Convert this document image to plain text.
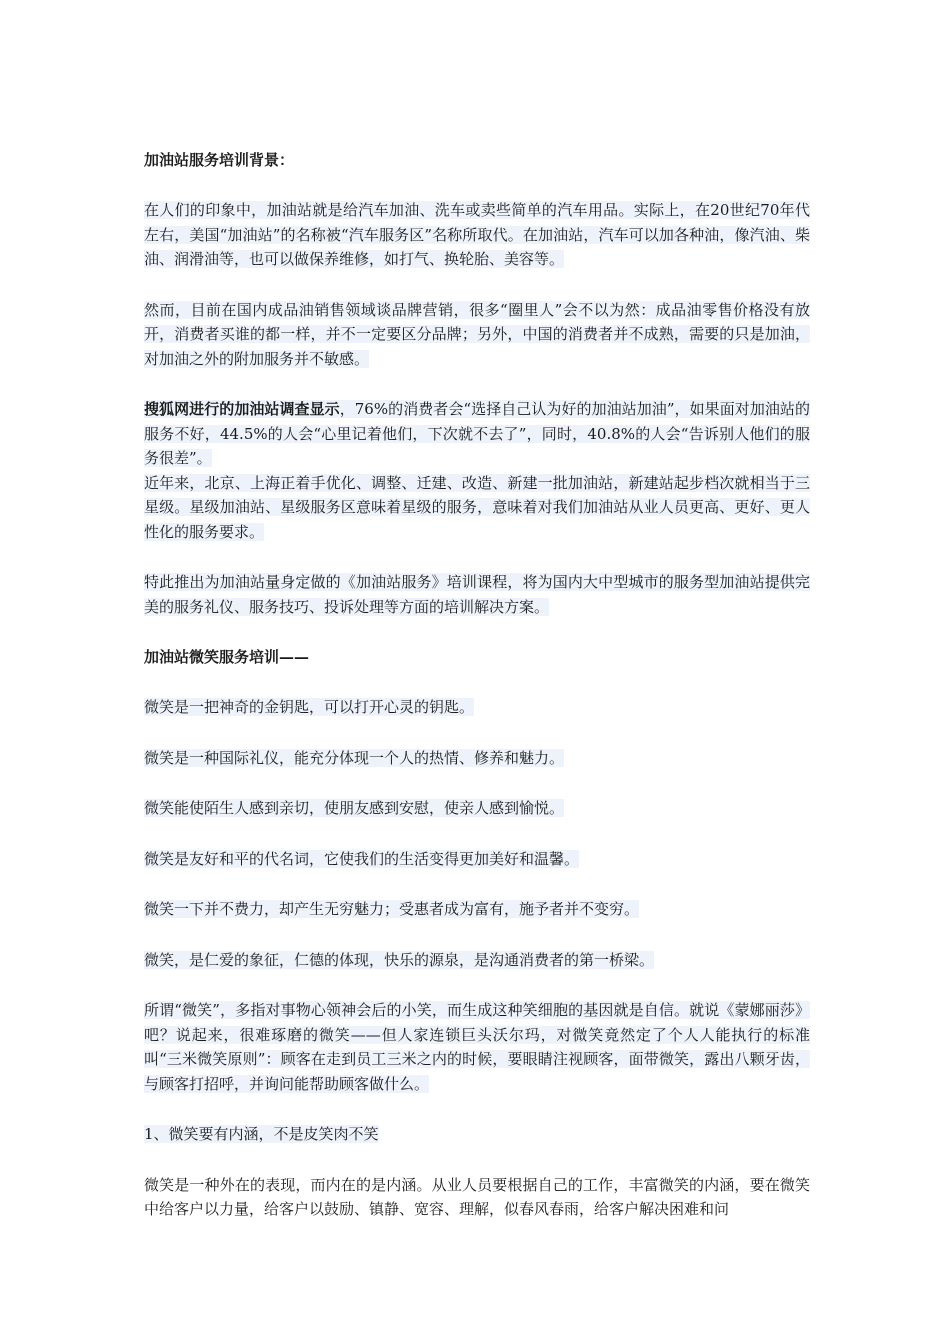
加油站服务培训背景：
在人们的印象中，加油站就是给汽车加油、洗车或卖些简单的汽车用品。实际上，在20世纪70年代左右，美国“加油站”的名称被“汽车服务区”名称所取代。在加油站，汽车可以加各种油，像汽油、柴油、润滑油等，也可以做保养维修，如打气、换轮胎、美容等。
然而，目前在国内成品油销售领域谈品牌营销，很多“圈里人”会不以为然：成品油零售价格没有放开，消费者买谁的都一样，并不一定要区分品牌；另外，中国的消费者并不成熟，需要的只是加油，对加油之外的附加服务并不敏感。
搜狐网进行的加油站调查显示，76%的消费者会“选择自己认为好的加油站加油”，如果面对加油站的服务不好，44.5%的人会“心里记着他们，下次就不去了”，同时，40.8%的人会“告诉别人他们的服务很差”。
近年来，北京、上海正着手优化、调整、迁建、改造、新建一批加油站，新建站起步档次就相当于三星级。星级加油站、星级服务区意味着星级的服务，意味着对我们加油站从业人员更高、更好、更人性化的服务要求。
特此推出为加油站量身定做的《加油站服务》培训课程，将为国内大中型城市的服务型加油站提供完美的服务礼仪、服务技巧、投诉处理等方面的培训解决方案。
加油站微笑服务培训——
微笑是一把神奇的金钥匙，可以打开心灵的钥匙。
微笑是一种国际礼仪，能充分体现一个人的热情、修养和魅力。
微笑能使陌生人感到亲切，使朋友感到安慰，使亲人感到愉悦。
微笑是友好和平的代名词，它使我们的生活变得更加美好和温馨。
微笑一下并不费力，却产生无穷魅力；受惠者成为富有，施予者并不变穷。
微笑，是仁爱的象征，仁德的体现，快乐的源泉，是沟通消费者的第一桥梁。
所谓“微笑”，多指对事物心领神会后的小笑，而生成这种笑细胞的基因就是自信。就说《蒙娜丽莎》吧？说起来，很难琢磨的微笑——但人家连锁巨头沃尔玛，对微笑竟然定了个人人能执行的标准叫“三米微笑原则”：顾客在走到员工三米之内的时候，要眼睛注视顾客，面带微笑，露出八颗牙齿，与顾客打招呼，并询问能帮助顾客做什么。
1、微笑要有内涵，不是皮笑肉不笑
微笑是一种外在的表现，而内在的是内涵。从业人员要根据自己的工作，丰富微笑的内涵，要在微笑中给客户以力量，给客户以鼓励、镇静、宽容、理解，似春风春雨，给客户解决困难和问
